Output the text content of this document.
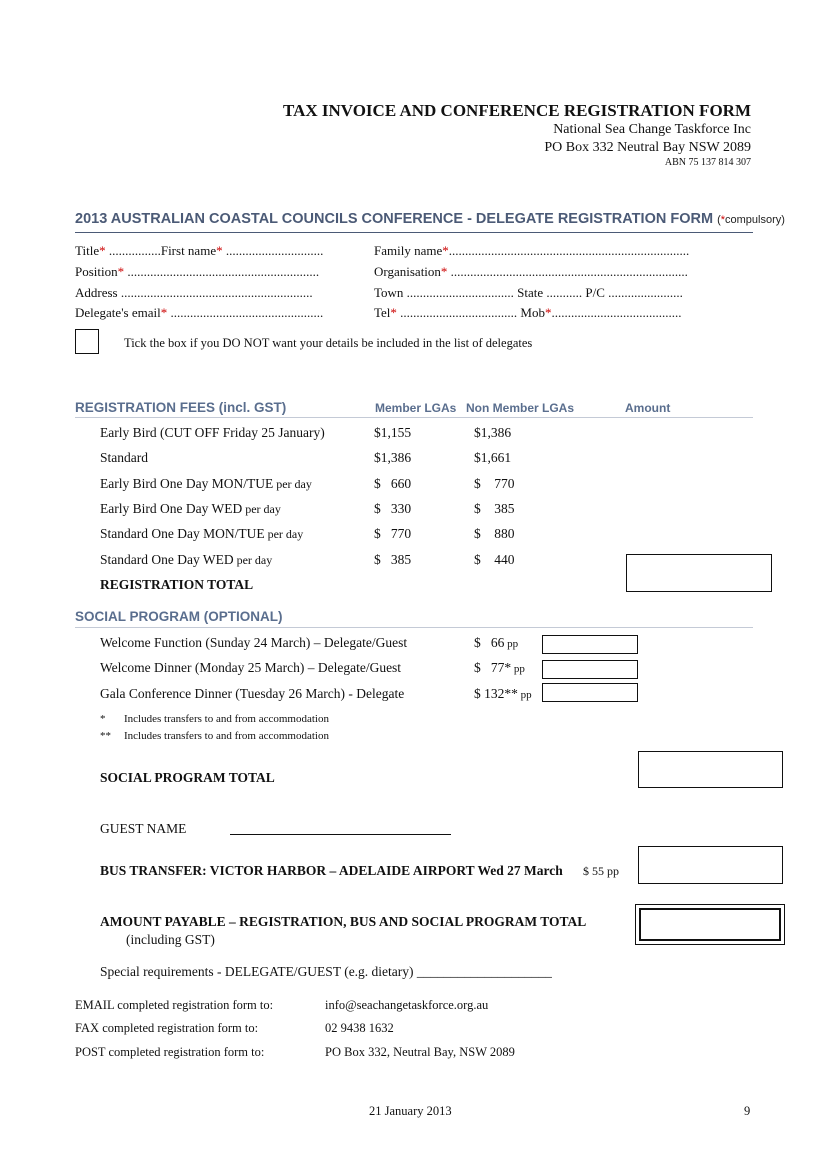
TAX INVOICE AND CONFERENCE REGISTRATION FORM
National Sea Change Taskforce Inc
PO Box 332 Neutral Bay NSW 2089
ABN 75 137 814 307
2013 AUSTRALIAN COASTAL COUNCILS CONFERENCE - DELEGATE REGISTRATION FORM (*compulsory)
Title* ................First name* ..............................	Family name*..........................................................................
Position* ...........................................................	Organisation* .........................................................................
Address ...........................................................	Town ................................. State ........... P/C .......................
Delegate's email* ...............................................	Tel* .................................... Mob*........................................
Tick the box if you DO NOT want your details be included in the list of delegates
REGISTRATION FEES (incl. GST)	Member LGAs Non Member LGAs	Amount
Early Bird (CUT OFF Friday 25 January)	$1,155	$1,386
Standard	$1,386	$1,661
Early Bird One Day MON/TUE per day	$   660	$    770
Early Bird One Day WED per day	$   330	$    385
Standard One Day MON/TUE per day	$   770	$    880
Standard One Day WED per day	$   385	$    440
REGISTRATION TOTAL
SOCIAL PROGRAM (OPTIONAL)
Welcome Function (Sunday 24 March) – Delegate/Guest	$   66 pp
Welcome Dinner (Monday 25 March) – Delegate/Guest	$   77* pp
Gala Conference Dinner (Tuesday 26 March) - Delegate	$ 132** pp
* Includes transfers to and from accommodation
** Includes transfers to and from accommodation
SOCIAL PROGRAM TOTAL
GUEST NAME
BUS TRANSFER: VICTOR HARBOR – ADELAIDE AIRPORT Wed 27 March $ 55 pp
AMOUNT PAYABLE – REGISTRATION, BUS AND SOCIAL PROGRAM TOTAL
(including GST)
Special requirements - DELEGATE/GUEST (e.g. dietary) ____________________
EMAIL completed registration form to:	info@seachangetaskforce.org.au
FAX completed registration form to:	02 9438 1632
POST completed registration form to:	PO Box 332, Neutral Bay, NSW 2089
21 January 2013	9
